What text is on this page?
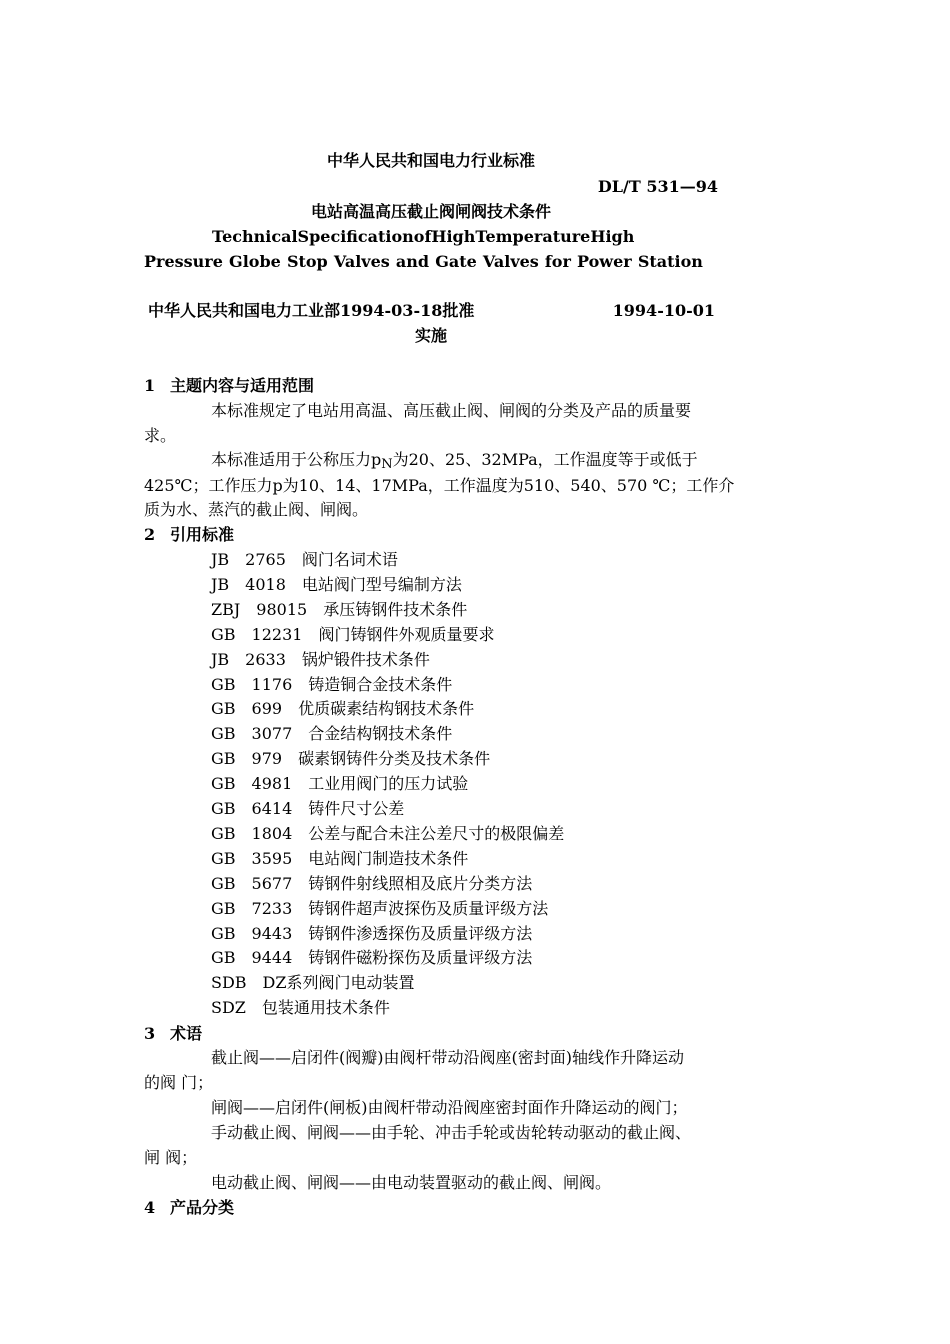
中华人民共和国电力行业标准
DL/T 531—94
电站高温高压截止阀闸阀技术条件
Technical Specification of High Temperature High
Pressure Globe Stop Valves and Gate Valves for Power Station
中华人民共和国电力工业部1994-03-18批准	1994-10-01
实施
1 主题内容与适用范围
本标准规定了电站用高温、高压截止阀、闸阀的分类及产品的质量要
求。
本标准适用于公称压力pN为20、25、32MPa，工作温度等于或低于
425℃；工作压力p为10、14、17MPa，工作温度为510、540、570 ℃；工作介
质为水、蒸汽的截止阀、闸阀。
2 引用标准
JB　2765　阀门名词术语
JB　4018　电站阀门型号编制方法
ZBJ　98015　承压铸钢件技术条件
GB　12231　阀门铸钢件外观质量要求
JB　2633　锅炉锻件技术条件
GB　1176　铸造铜合金技术条件
GB　699　优质碳素结构钢技术条件
GB　3077　合金结构钢技术条件
GB　979　碳素钢铸件分类及技术条件
GB　4981　工业用阀门的压力试验
GB　6414　铸件尺寸公差
GB　1804　公差与配合未注公差尺寸的极限偏差
GB　3595　电站阀门制造技术条件
GB　5677　铸钢件射线照相及底片分类方法
GB　7233　铸钢件超声波探伤及质量评级方法
GB　9443　铸钢件渗透探伤及质量评级方法
GB　9444　铸钢件磁粉探伤及质量评级方法
SDB　DZ系列阀门电动装置
SDZ　包装通用技术条件
3 术语
截止阀——启闭件(阀瓣)由阀杆带动沿阀座(密封面)轴线作升降运动
的阀 门；
闸阀——启闭件(闸板)由阀杆带动沿阀座密封面作升降运动的阀门；
手动截止阀、闸阀——由手轮、冲击手轮或齿轮转动驱动的截止阀、
闸 阀；
电动截止阀、闸阀——由电动装置驱动的截止阀、闸阀。
4 产品分类
